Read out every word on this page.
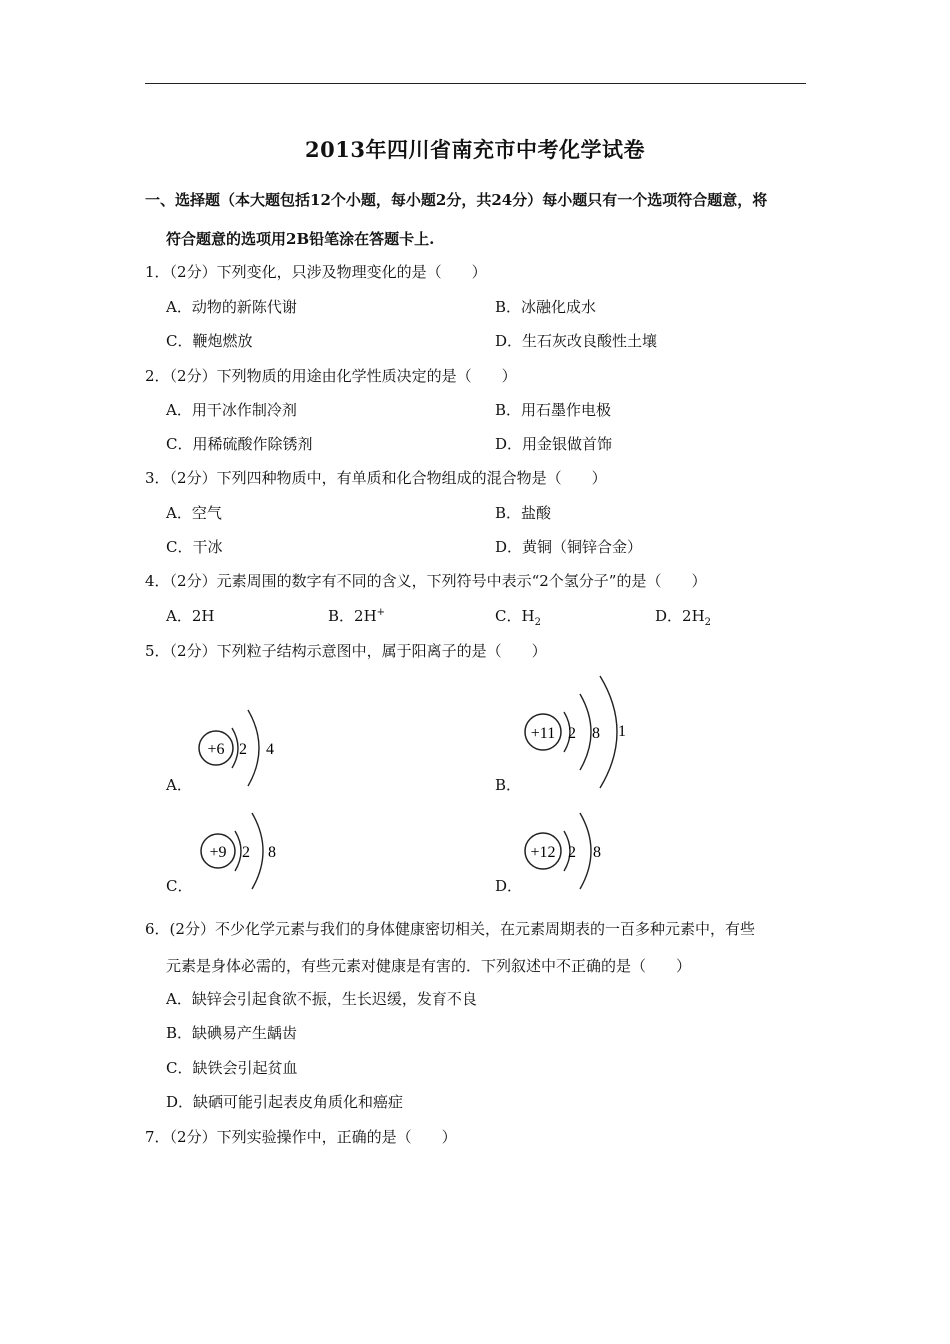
2013年四川省南充市中考化学试卷
一、选择题（本大题包括12个小题，每小题2分，共24分）每小题只有一个选项符合题意，将
符合题意的选项用2B铅笔涂在答题卡上.
1．（2分）下列变化，只涉及物理变化的是（　　）
A．动物的新陈代谢	B．冰融化成水
C．鞭炮燃放	D．生石灰改良酸性土壤
2．（2分）下列物质的用途由化学性质决定的是（　　）
A．用干冰作制冷剂	B．用石墨作电极
C．用稀硫酸作除锈剂	D．用金银做首饰
3．（2分）下列四种物质中，有单质和化合物组成的混合物是（　　）
A．空气	B．盐酸
C．干冰	D．黄铜（铜锌合金）
4．（2分）元素周围的数字有不同的含义，下列符号中表示“2个氢分子”的是（　　）
A．2H	B．2H+	C．$H_2$	D．$2H_2$
5．（2分）下列粒子结构示意图中，属于阳离子的是（　　）
A．
+6 2 4
B．
+11 2 8 1
C．
+9 2 8
D．
+12 2 8
6．(2分）不少化学元素与我们的身体健康密切相关，在元素周期表的一百多种元素中，有些
元素是身体必需的，有些元素对健康是有害的．下列叙述中不正确的是（　　）
A．缺锌会引起食欲不振，生长迟缓，发育不良
B．缺碘易产生龋齿
C．缺铁会引起贫血
D．缺硒可能引起表皮角质化和癌症
7．（2分）下列实验操作中，正确的是（　　）
